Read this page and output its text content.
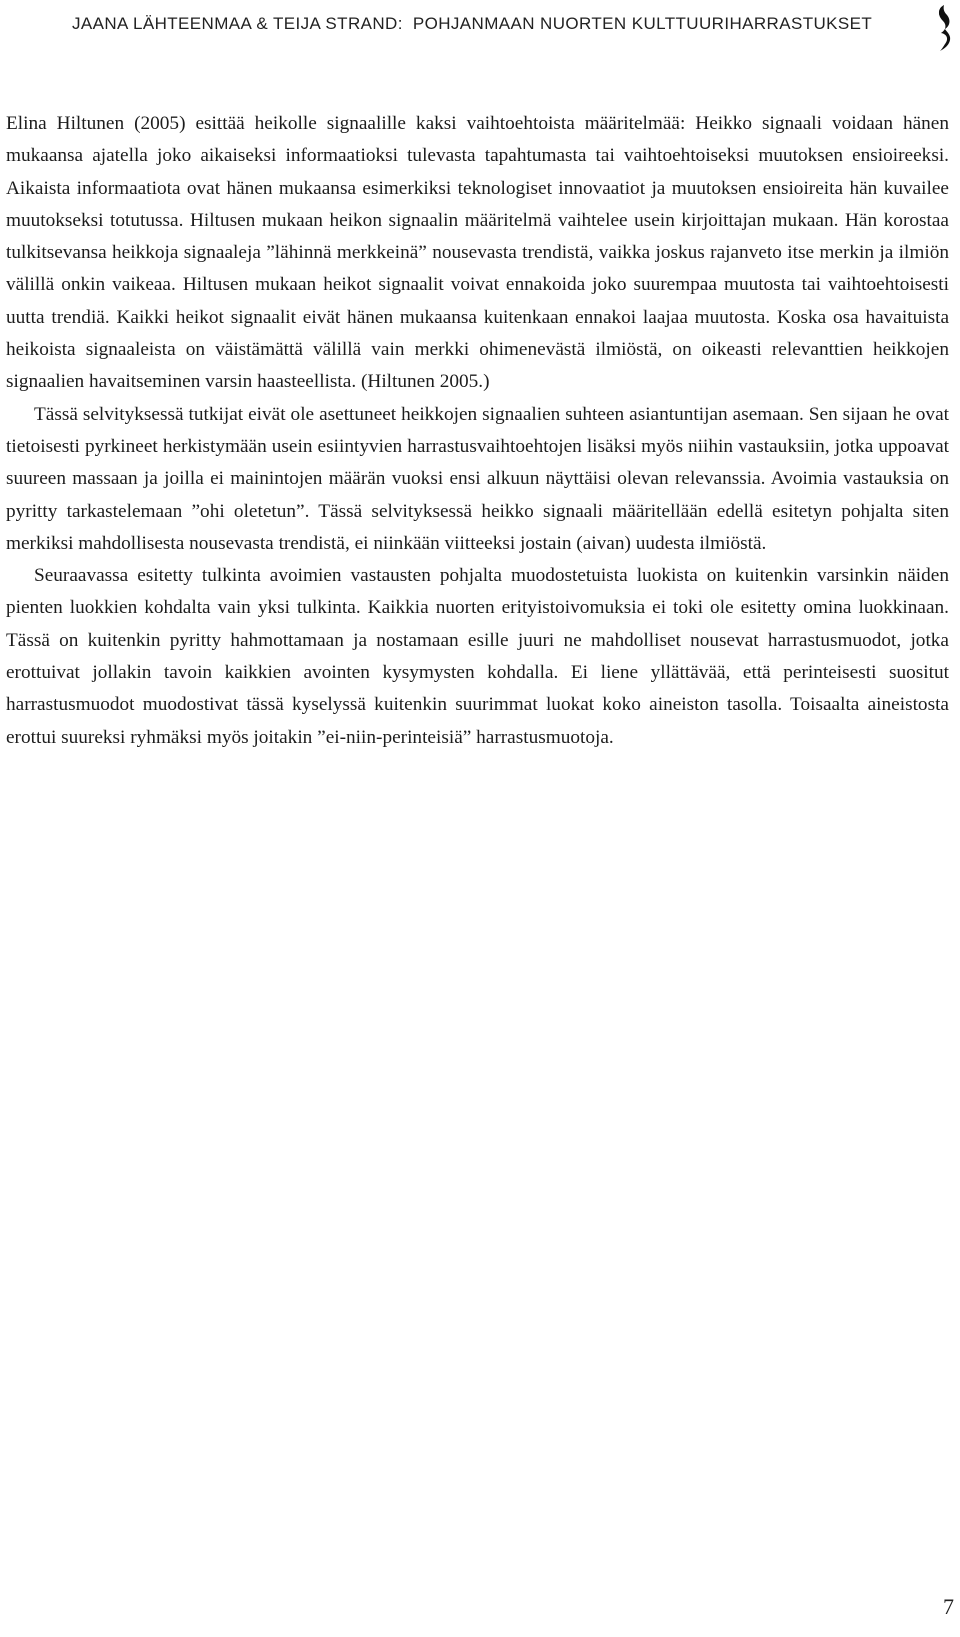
JAANA LÄHTEENMAA & TEIJA STRAND: POHJANMAAN NUORTEN KULTTUURIHARRASTUKSET

Elina Hiltunen (2005) esittää heikolle signaalille kaksi vaihtoehtoista määritelmää: Heikko signaali voidaan hänen mukaansa ajatella joko aikaiseksi informaatioksi tulevasta tapahtumasta tai vaihtoehtoiseksi muutoksen ensioireeksi. Aikaista informaatiota ovat hänen mukaansa esimerkiksi teknologiset innovaatiot ja muutoksen ensioireita hän kuvailee muutokseksi totutussa. Hiltusen mukaan heikon signaalin määritelmä vaihtelee usein kirjoittajan mukaan. Hän korostaa tulkitsevansa heikkoja signaaleja ”lähinnä merkkeinä” nousevasta trendistä, vaikka joskus rajanveto itse merkin ja ilmiön välillä onkin vaikeaa. Hiltusen mukaan heikot signaalit voivat ennakoida joko suurempaa muutosta tai vaihtoehtoisesti uutta trendiä. Kaikki heikot signaalit eivät hänen mukaansa kuitenkaan ennakoi laajaa muutosta. Koska osa havaituista heikoista signaaleista on väistämättä välillä vain merkki ohimenevästä ilmiöstä, on oikeasti relevanttien heikkojen signaalien havaitseminen varsin haasteellista. (Hiltunen 2005.)

Tässä selvityksessä tutkijat eivät ole asettuneet heikkojen signaalien suhteen asiantuntijan asemaan. Sen sijaan he ovat tietoisesti pyrkineet herkistymään usein esiintyvien harrastusvaihtoehtojen lisäksi myös niihin vastauksiin, jotka uppoavat suureen massaan ja joilla ei mainintojen määrän vuoksi ensi alkuun näyttäisi olevan relevanssia. Avoimia vastauksia on pyritty tarkastelemaan ”ohi oletetun”. Tässä selvityksessä heikko signaali määritellään edellä esitetyn pohjalta siten merkiksi mahdollisesta nousevasta trendistä, ei niinkään viitteeksi jostain (aivan) uudesta ilmiöstä.

Seuraavassa esitetty tulkinta avoimien vastausten pohjalta muodostetuista luokista on kuitenkin varsinkin näiden pienten luokkien kohdalta vain yksi tulkinta. Kaikkia nuorten erityistoivomuksia ei toki ole esitetty omina luokkinaan. Tässä on kuitenkin pyritty hahmottamaan ja nostamaan esille juuri ne mahdolliset nousevat harrastusmuodot, jotka erottuivat jollakin tavoin kaikkien avointen kysymysten kohdalla. Ei liene yllättävää, että perinteisesti suositut harrastusmuodot muodostivat tässä kyselyssä kuitenkin suurimmat luokat koko aineiston tasolla. Toisaalta aineistosta erottui suureksi ryhmäksi myös joitakin ”ei-niin-perinteisiä” harrastusmuotoja.

7
